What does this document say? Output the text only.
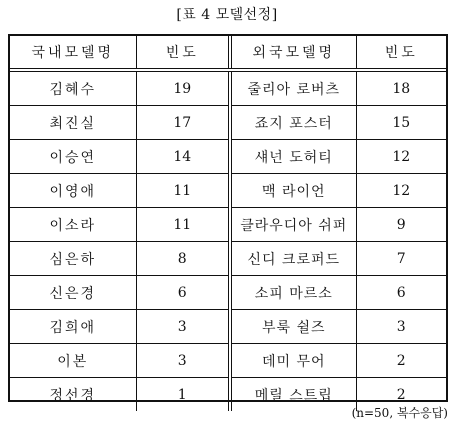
[표 4 모델선정]
국내모델명	빈도	외국모델명	빈도
김혜수	19	줄리아 로버츠	18
최진실	17	죠지 포스터	15
이승연	14	섀넌 도허티	12
이영애	11	맥 라이언	12
이소라	11	클라우디아 쉬퍼	9
심은하	8	신디 크로퍼드	7
신은경	6	소피 마르소	6
김희애	3	부룩 쉴즈	3
이본	3	데미 무어	2
정선경	1	메릴 스트립	2
(n=50, 복수응답)
